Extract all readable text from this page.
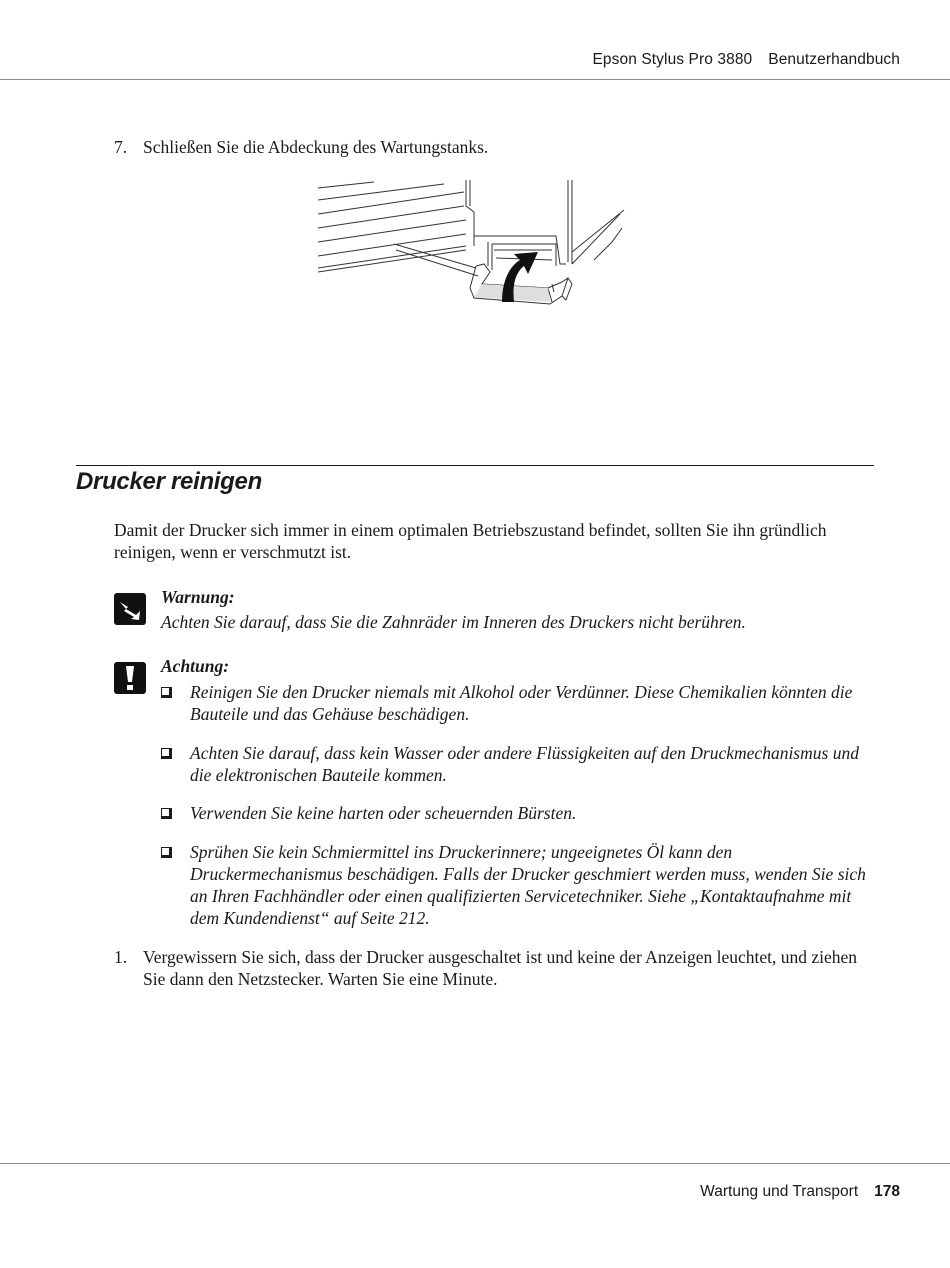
Epson Stylus Pro 3880 Benutzerhandbuch
7. Schließen Sie die Abdeckung des Wartungstanks.
Drucker reinigen
Damit der Drucker sich immer in einem optimalen Betriebszustand befindet, sollten Sie ihn gründlich reinigen, wenn er verschmutzt ist.
Warnung:
Achten Sie darauf, dass Sie die Zahnräder im Inneren des Druckers nicht berühren.
Achtung:
Reinigen Sie den Drucker niemals mit Alkohol oder Verdünner. Diese Chemikalien könnten die Bauteile und das Gehäuse beschädigen.
Achten Sie darauf, dass kein Wasser oder andere Flüssigkeiten auf den Druckmechanismus und die elektronischen Bauteile kommen.
Verwenden Sie keine harten oder scheuernden Bürsten.
Sprühen Sie kein Schmiermittel ins Druckerinnere; ungeeignetes Öl kann den Druckermechanismus beschädigen. Falls der Drucker geschmiert werden muss, wenden Sie sich an Ihren Fachhändler oder einen qualifizierten Servicetechniker. Siehe „Kontaktaufnahme mit dem Kundendienst“ auf Seite 212.
1. Vergewissern Sie sich, dass der Drucker ausgeschaltet ist und keine der Anzeigen leuchtet, und ziehen Sie dann den Netzstecker. Warten Sie eine Minute.
Wartung und Transport 178
